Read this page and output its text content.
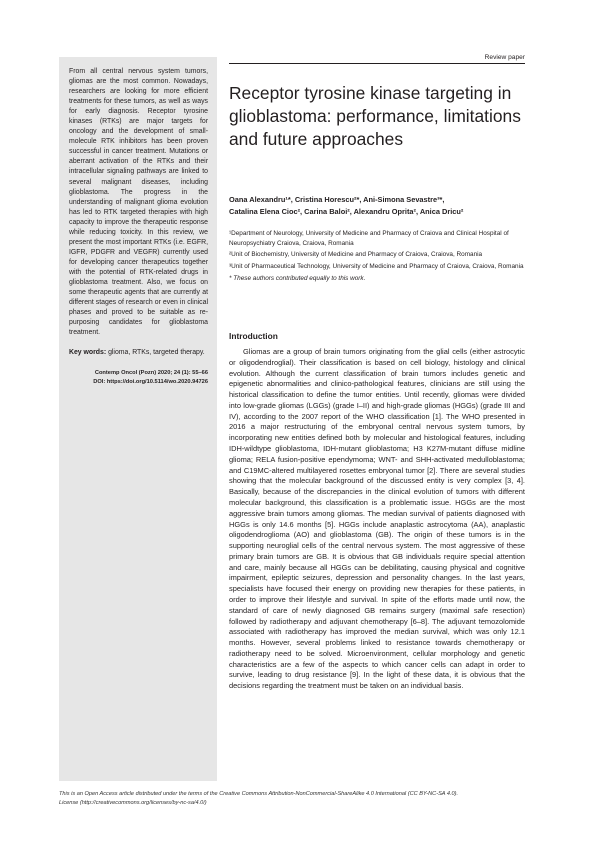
From all central nervous system tumors, gliomas are the most common. Nowadays, researchers are looking for more efficient treatments for these tumors, as well as ways for early diagnosis. Receptor tyrosine kinases (RTKs) are major targets for oncology and the development of small-molecule RTK inhibitors has been proven successful in cancer treatment. Mutations or aberrant activation of the RTKs and their intracellular signaling pathways are linked to several malignant diseases, including glioblastoma. The progress in the understanding of malignant glioma evolution has led to RTK targeted therapies with high capacity to improve the therapeutic response while reducing toxicity. In this review, we present the most important RTKs (i.e. EGFR, IGFR, PDGFR and VEGFR) currently used for developing cancer therapeutics together with the potential of RTK-related drugs in glioblastoma treatment. Also, we focus on some therapeutic agents that are currently at different stages of research or even in clinical phases and proved to be suitable as re-purposing candidates for glioblastoma treatment.

Key words: glioma, RTKs, targeted therapy.

Contemp Oncol (Pozn) 2020; 24 (1): 55–66
DOI: https://doi.org/10.5114/wo.2020.94726
Review paper
Receptor tyrosine kinase targeting in glioblastoma: performance, limitations and future approaches

Oana Alexandru¹*, Cristina Horescu²*, Ani-Simona Sevastre³*,
Catalina Elena Cioc², Carina Baloi², Alexandru Oprita², Anica Dricu²

¹Department of Neurology, University of Medicine and Pharmacy of Craiova and Clinical Hospital of Neuropsychiatry Craiova, Craiova, Romania
²Unit of Biochemistry, University of Medicine and Pharmacy of Craiova, Craiova, Romania
³Unit of Pharmaceutical Technology, University of Medicine and Pharmacy of Craiova, Craiova, Romania
* These authors contributed equally to this work.
Introduction

Gliomas are a group of brain tumors originating from the glial cells (either astrocytic or oligodendroglial). Their classification is based on cell biology, histology and clinical evolution. Although the current classification of brain tumors includes genetic and epigenetic abnormalities and clinico-pathological features, clinicians are still using the historical classification to define the tumor entities. Until recently, gliomas were divided into low-grade gliomas (LGGs) (grade I–II) and high-grade gliomas (HGGs) (grade III and IV), according to the 2007 report of the WHO classification [1]. The WHO presented in 2016 a major restructuring of the embryonal central nervous system tumors, by incorporating new entities defined both by molecular and histological features, including IDH-wildtype glioblastoma, IDH-mutant glioblastoma; H3 K27M-mutant diffuse midline glioma; RELA fusion-positive ependymoma; WNT- and SHH-activated medulloblastoma; and C19MC-altered multilayered rosettes embryonal tumor [2]. There are several studies showing that the molecular background of the discussed entity is very complex [3, 4]. Basically, because of the discrepancies in the clinical evolution of tumors with different molecular background, this classification is a problematic issue. HGGs are the most aggressive brain tumors among gliomas. The median survival of patients diagnosed with HGGs is only 14.6 months [5]. HGGs include anaplastic astrocytoma (AA), anaplastic oligodendroglioma (AO) and glioblastoma (GB). The origin of these tumors is in the supporting neuroglial cells of the central nervous system. The most aggressive of these primary brain tumors are GB. It is obvious that GB individuals require special attention and care, mainly because all HGGs can be debilitating, causing physical and cognitive impairment, epileptic seizures, depression and personality changes. In the last years, specialists have focused their energy on providing new therapies for these patients, in order to improve their lifestyle and survival. In spite of the efforts made until now, the standard of care of newly diagnosed GB remains surgery (maximal safe resection) followed by radiotherapy and adjuvant chemotherapy [6–8]. The adjuvant temozolomide associated with radiotherapy has improved the median survival, which was only 12.1 months. However, several problems linked to resistance towards chemotherapy or radiotherapy need to be solved. Microenvironment, cellular morphology and genetic characteristics are a few of the aspects to which cancer cells can adapt in order to survive, leading to drug resistance [9]. In the light of these data, it is obvious that the decisions regarding the treatment must be taken on an individual basis.

This is an Open Access article distributed under the terms of the Creative Commons Attribution-NonCommercial-ShareAlike 4.0 International (CC BY-NC-SA 4.0).
License (http://creativecommons.org/licenses/by-nc-sa/4.0/)
